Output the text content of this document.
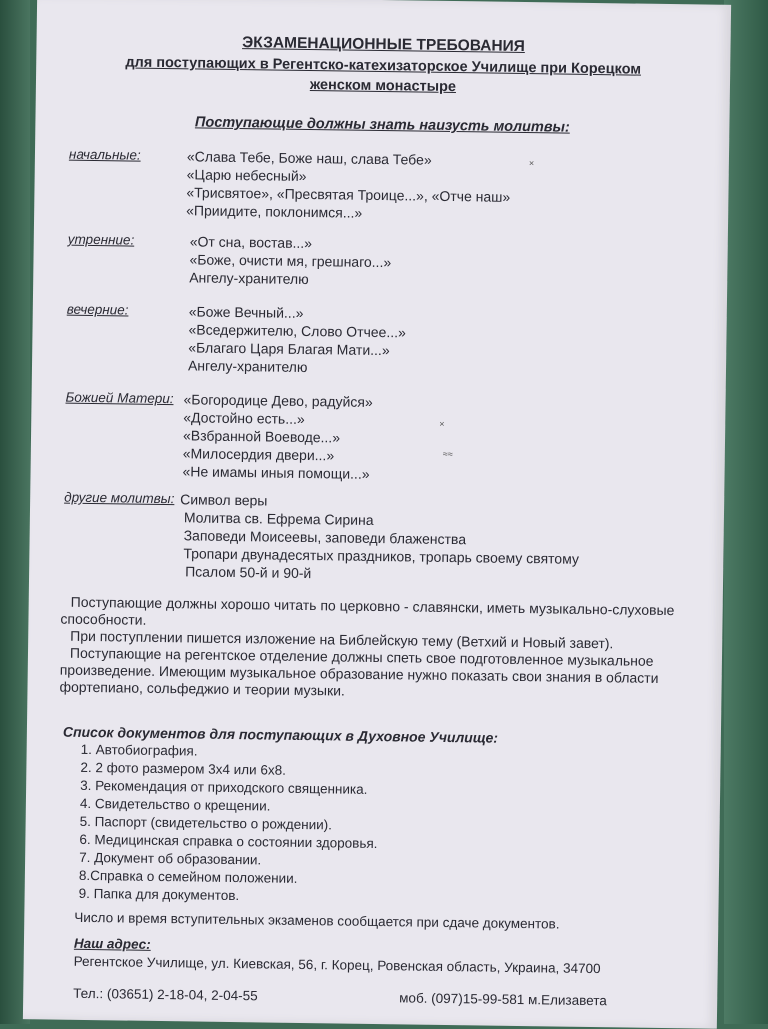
ЭКЗАМЕНАЦИОННЫЕ ТРЕБОВАНИЯ
для поступающих в Регентско-катехизаторское Училище при Корецком
женском монастыре
Поступающие должны знать наизусть молитвы:
начальные:	«Слава Тебе, Боже наш, слава Тебе»
«Царю небесный»
«Трисвятое», «Пресвятая Троице...», «Отче наш»
«Приидите, поклонимся...»
утренние:	«От сна, востав...»
«Боже, очисти мя, грешнаго...»
Ангелу-хранителю
вечерние:	«Боже Вечный...»
«Вседержителю, Слово Отчее...»
«Благаго Царя Благая Мати...»
Ангелу-хранителю
Божией Матери: «Богородице Дево, радуйся»
«Достойно есть...»
«Взбранной Воеводе...»
«Милосердия двери...»
«Не имамы иныя помощи...»
другие молитвы: Символ веры
Молитва св. Ефрема Сирина
Заповеди Моисеевы, заповеди блаженства
Тропари двунадесятых праздников, тропарь своему святому
Псалом 50-й и 90-й
Поступающие должны хорошо читать по церковно - славянски, иметь музыкально-слуховые способности.
При поступлении пишется изложение на Библейскую тему (Ветхий и Новый завет).
Поступающие на регентское отделение должны спеть свое подготовленное музыкальное произведение. Имеющим музыкальное образование нужно показать свои знания в области фортепиано, сольфеджио и теории музыки.
Список документов для поступающих в Духовное Училище:
1. Автобиография.
2. 2 фото размером 3х4 или 6х8.
3. Рекомендация от приходского священника.
4. Свидетельство о крещении.
5. Паспорт (свидетельство о рождении).
6. Медицинская справка о состоянии здоровья.
7. Документ об образовании.
8.Справка о семейном положении.
9. Папка для документов.
Число и время вступительных экзаменов сообщается при сдаче документов.
Наш адрес:
Регентское Училище, ул. Киевская, 56, г. Корец, Ровенская область, Украина, 34700
Тел.: (03651) 2-18-04, 2-04-55	моб. (097)15-99-581 м.Елизавета
×
×
≈≈
